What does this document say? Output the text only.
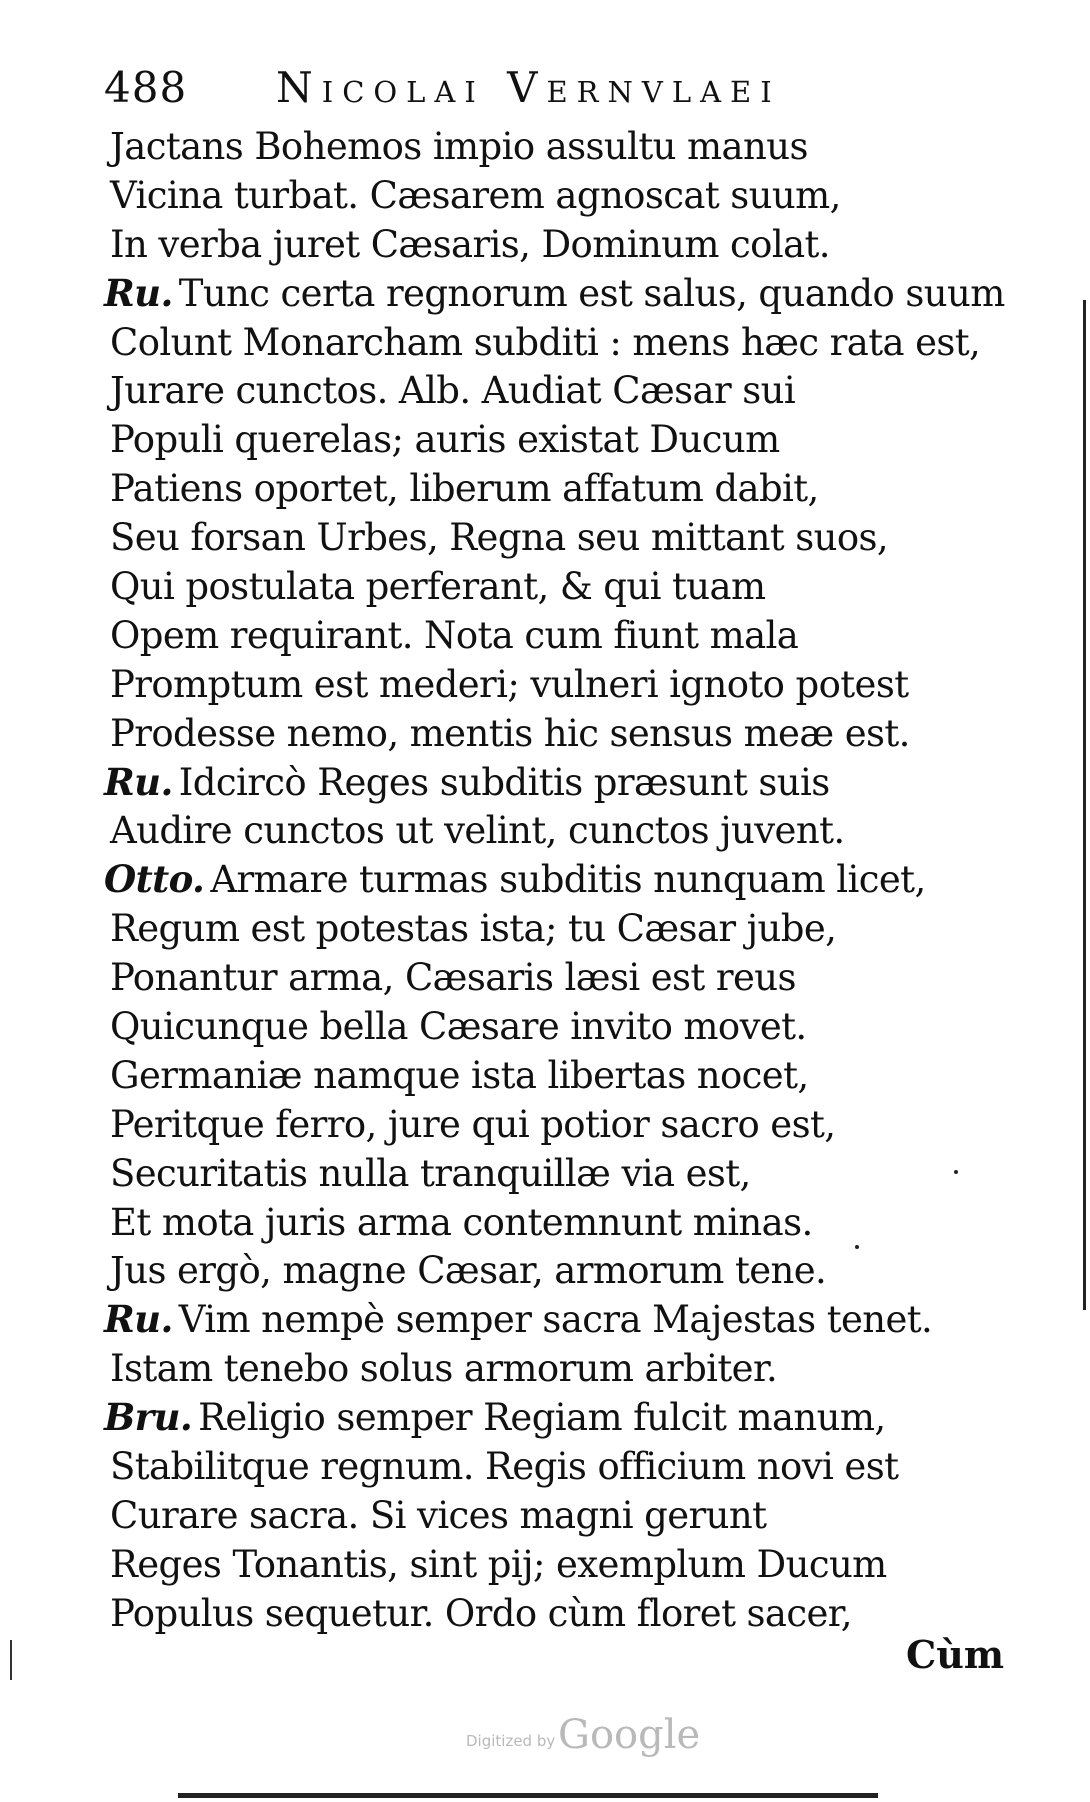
488 Nicolai Vernvlaei
Jactans Bohemos impio assultu manus
Vicina turbat. Cæsarem agnoscat suum,
In verba juret Cæsaris, Dominum colat.
Ru. Tunc certa regnorum est salus, quando suum
Colunt Monarcham subditi : mens hæc rata est,
Jurare cunctos. Alb. Audiat Cæsar sui
Populi querelas; auris existat Ducum
Patiens oportet, liberum affatum dabit,
Seu forsan Urbes, Regna seu mittant suos,
Qui postulata perferant, & qui tuam
Opem requirant. Nota cum fiunt mala
Promptum est mederi; vulneri ignoto potest
Prodesse nemo, mentis hic sensus meæ est.
Ru. Idcircò Reges subditis præsunt suis
Audire cunctos ut velint, cunctos juvent.
Otto. Armare turmas subditis nunquam licet,
Regum est potestas ista; tu Cæsar jube,
Ponantur arma, Cæsaris læsi est reus
Quicunque bella Cæsare invito movet.
Germaniæ namque ista libertas nocet,
Peritque ferro, jure qui potior sacro est,
Securitatis nulla tranquillæ via est,
Et mota juris arma contemnunt minas.
Jus ergò, magne Cæsar, armorum tene.
Ru. Vim nempè semper sacra Majestas tenet.
Istam tenebo solus armorum arbiter.
Bru. Religio semper Regiam fulcit manum,
Stabilitque regnum. Regis officium novi est
Curare sacra. Si vices magni gerunt
Reges Tonantis, sint pij; exemplum Ducum
Populus sequetur. Ordo cùm floret sacer,
Cùm
Digitized by Google
